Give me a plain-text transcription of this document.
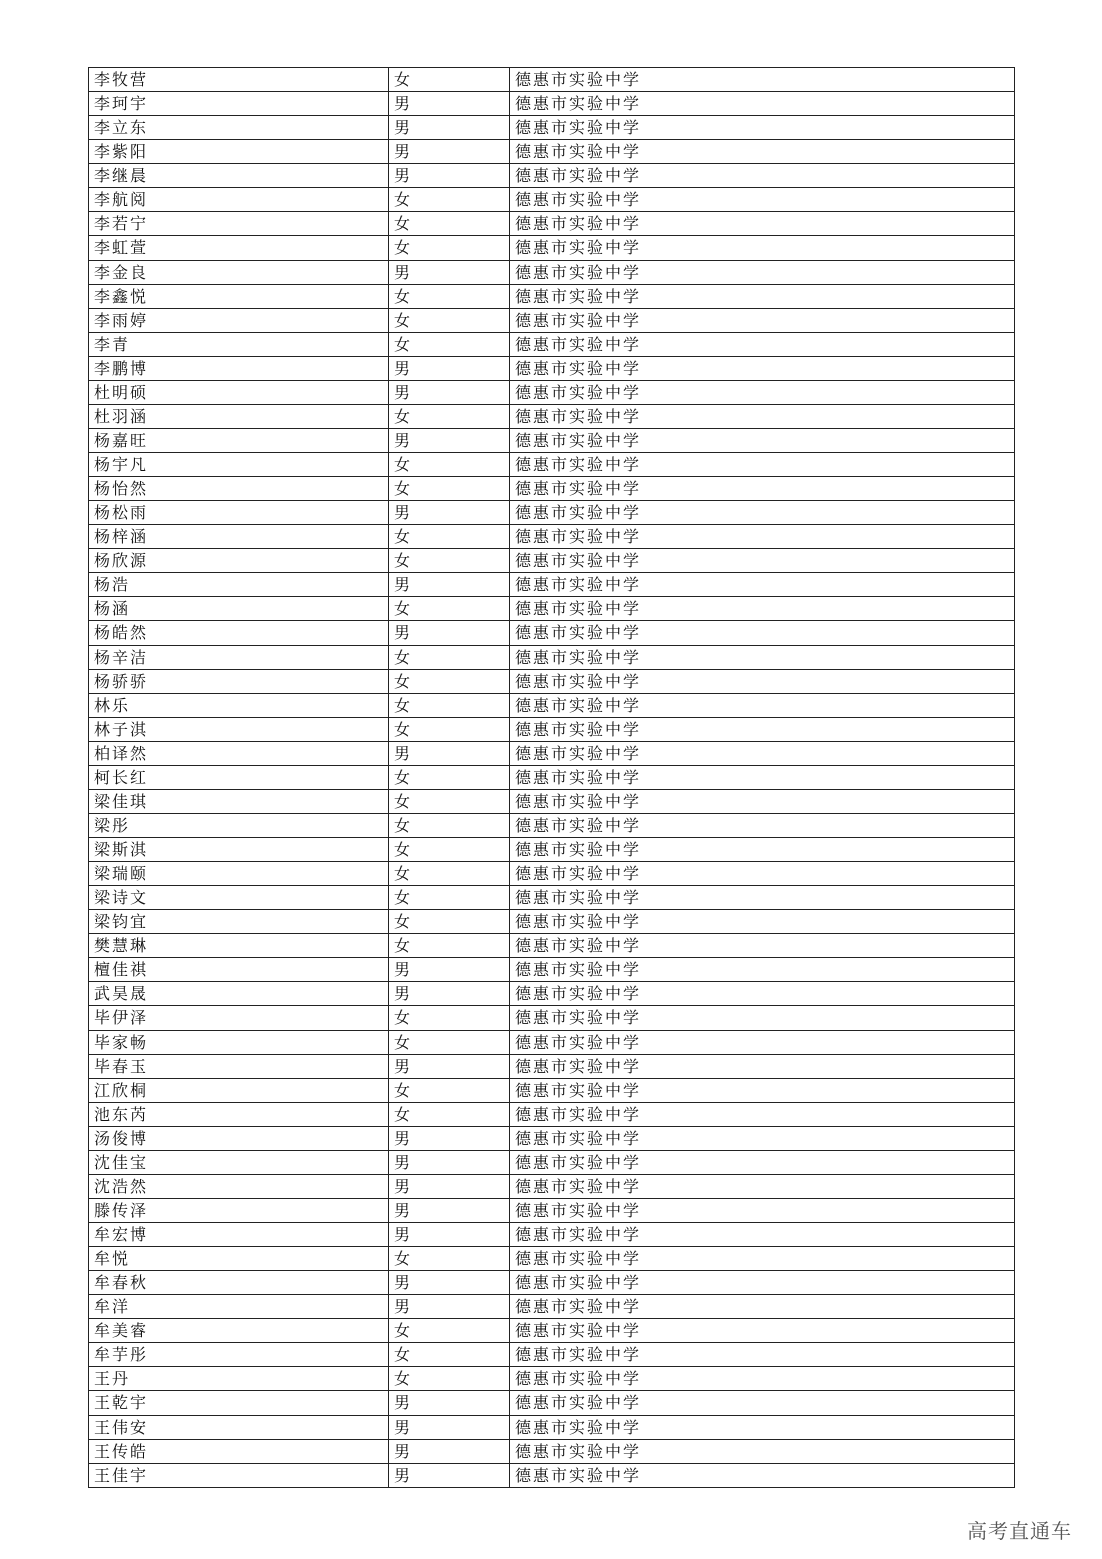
李牧营	女	德惠市实验中学
李珂宇	男	德惠市实验中学
李立东	男	德惠市实验中学
李紫阳	男	德惠市实验中学
李继晨	男	德惠市实验中学
李航阅	女	德惠市实验中学
李若宁	女	德惠市实验中学
李虹萱	女	德惠市实验中学
李金良	男	德惠市实验中学
李鑫悦	女	德惠市实验中学
李雨婷	女	德惠市实验中学
李青	女	德惠市实验中学
李鹏博	男	德惠市实验中学
杜明硕	男	德惠市实验中学
杜羽涵	女	德惠市实验中学
杨嘉旺	男	德惠市实验中学
杨宇凡	女	德惠市实验中学
杨怡然	女	德惠市实验中学
杨松雨	男	德惠市实验中学
杨梓涵	女	德惠市实验中学
杨欣源	女	德惠市实验中学
杨浩	男	德惠市实验中学
杨涵	女	德惠市实验中学
杨皓然	男	德惠市实验中学
杨辛洁	女	德惠市实验中学
杨骄骄	女	德惠市实验中学
林乐	女	德惠市实验中学
林子淇	女	德惠市实验中学
柏译然	男	德惠市实验中学
柯长红	女	德惠市实验中学
梁佳琪	女	德惠市实验中学
梁彤	女	德惠市实验中学
梁斯淇	女	德惠市实验中学
梁瑞颐	女	德惠市实验中学
梁诗文	女	德惠市实验中学
梁钧宜	女	德惠市实验中学
樊慧琳	女	德惠市实验中学
檀佳祺	男	德惠市实验中学
武昊晟	男	德惠市实验中学
毕伊泽	女	德惠市实验中学
毕家畅	女	德惠市实验中学
毕春玉	男	德惠市实验中学
江欣桐	女	德惠市实验中学
池东芮	女	德惠市实验中学
汤俊博	男	德惠市实验中学
沈佳宝	男	德惠市实验中学
沈浩然	男	德惠市实验中学
滕传泽	男	德惠市实验中学
牟宏博	男	德惠市实验中学
牟悦	女	德惠市实验中学
牟春秋	男	德惠市实验中学
牟洋	男	德惠市实验中学
牟美睿	女	德惠市实验中学
牟芋彤	女	德惠市实验中学
王丹	女	德惠市实验中学
王乾宇	男	德惠市实验中学
王伟安	男	德惠市实验中学
王传皓	男	德惠市实验中学
王佳宇	男	德惠市实验中学
高考直通车
